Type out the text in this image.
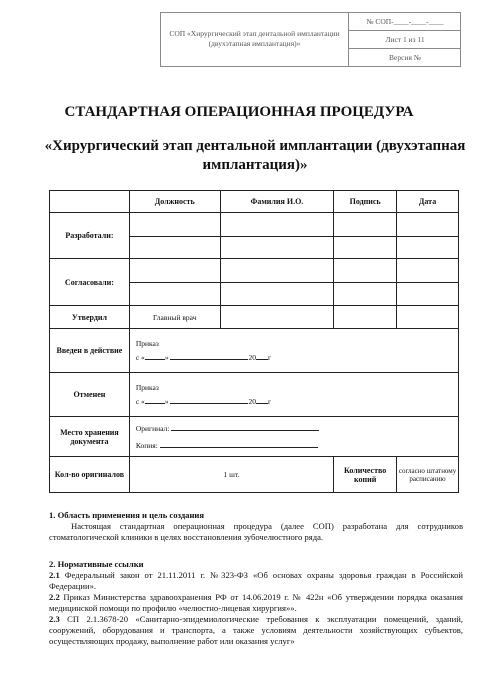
СОП «Хирургический этап дентальной имплантации (двухэтапная имплантация)»
№ СОП-____-____-____
Лист 1 из 11
Версия №
СТАНДАРТНАЯ ОПЕРАЦИОННАЯ ПРОЦЕДУРА
«Хирургический этап дентальной имплантации (двухэтапная имплантация)»
	Должность	Фамилия И.О.	Подпись	Дата
Разработали:				

Согласовали:				

Утвердил	Главный врач			
Введен в действие	Приказ
с « » 20 г			

Отменен	Приказ
с « » 20 г			

Место хранения документа	Оригинал:
Копия:			

Кол-во оригиналов	1 шт.		Количество копий	согласно штатному расписанию
1. Область применения и цель создания
Настоящая стандартная операционная процедура (далее СОП) разработана для сотрудников стоматологической клиники в целях восстановления зубочелюстного ряда.
2. Нормативные ссылки
2.1 Федеральный закон от 21.11.2011 г. №323-ФЗ «Об основах охраны здоровья граждан в Российской Федерации».
2.2 Приказ Министерства здравоохранения РФ от 14.06.2019 г. № 422н «Об утверждении порядка оказания медицинской помощи по профилю «челюстно-лицевая хирургия»».
2.3 СП 2.1.3678-20 «Санитарно-эпидемиологические требования к эксплуатации помещений, зданий, сооружений, оборудования и транспорта, а также условиям деятельности хозяйствующих субъектов, осуществляющих продажу, выполнение работ или оказания услуг»
